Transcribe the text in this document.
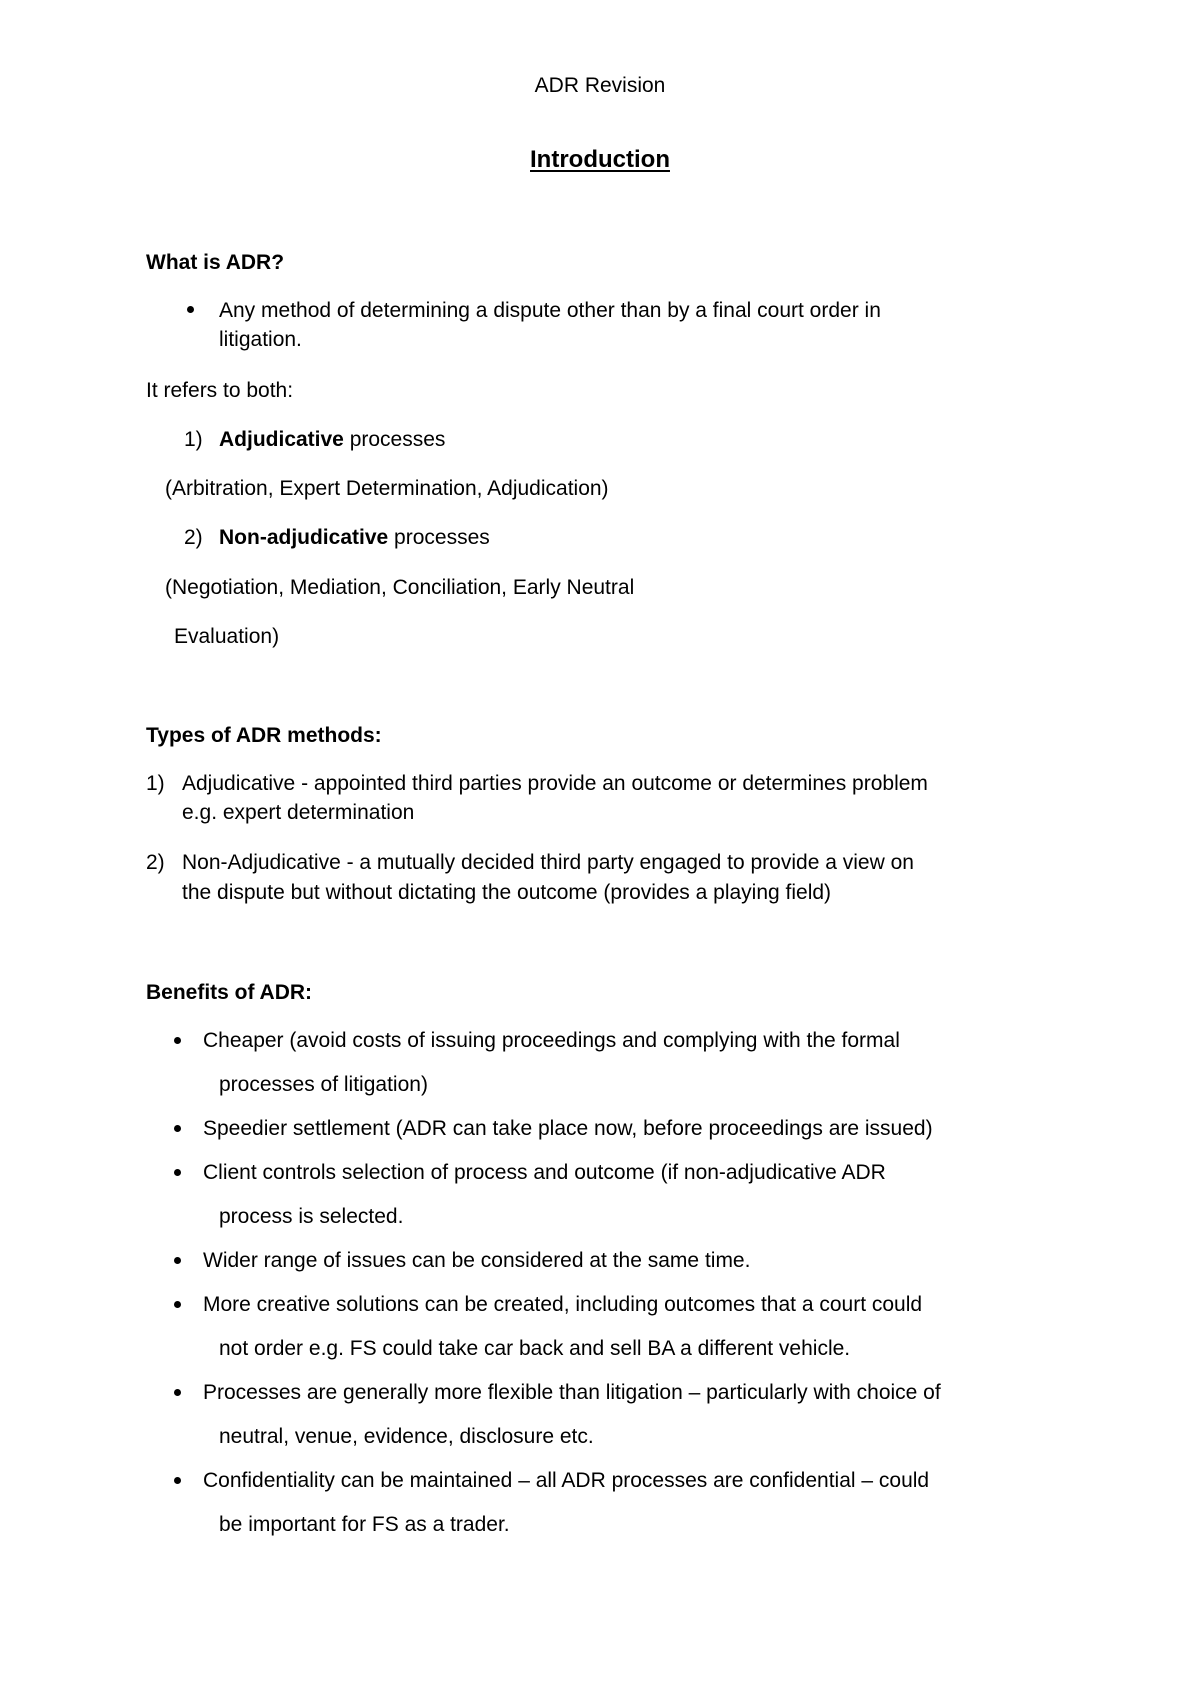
ADR Revision
Introduction
What is ADR?
Any method of determining a dispute other than by a final court order in
litigation.
It refers to both:
1) Adjudicative processes
(Arbitration, Expert Determination, Adjudication)
2) Non-adjudicative processes
(Negotiation, Mediation, Conciliation, Early Neutral
Evaluation)
Types of ADR methods:
1) Adjudicative - appointed third parties provide an outcome or determines problem
e.g. expert determination
2) Non-Adjudicative - a mutually decided third party engaged to provide a view on
the dispute but without dictating the outcome (provides a playing field)
Benefits of ADR:
Cheaper (avoid costs of issuing proceedings and complying with the formal
processes of litigation)
Speedier settlement (ADR can take place now, before proceedings are issued)
Client controls selection of process and outcome (if non-adjudicative ADR
process is selected.
Wider range of issues can be considered at the same time.
More creative solutions can be created, including outcomes that a court could
not order e.g. FS could take car back and sell BA a different vehicle.
Processes are generally more flexible than litigation – particularly with choice of
neutral, venue, evidence, disclosure etc.
Confidentiality can be maintained – all ADR processes are confidential – could
be important for FS as a trader.
